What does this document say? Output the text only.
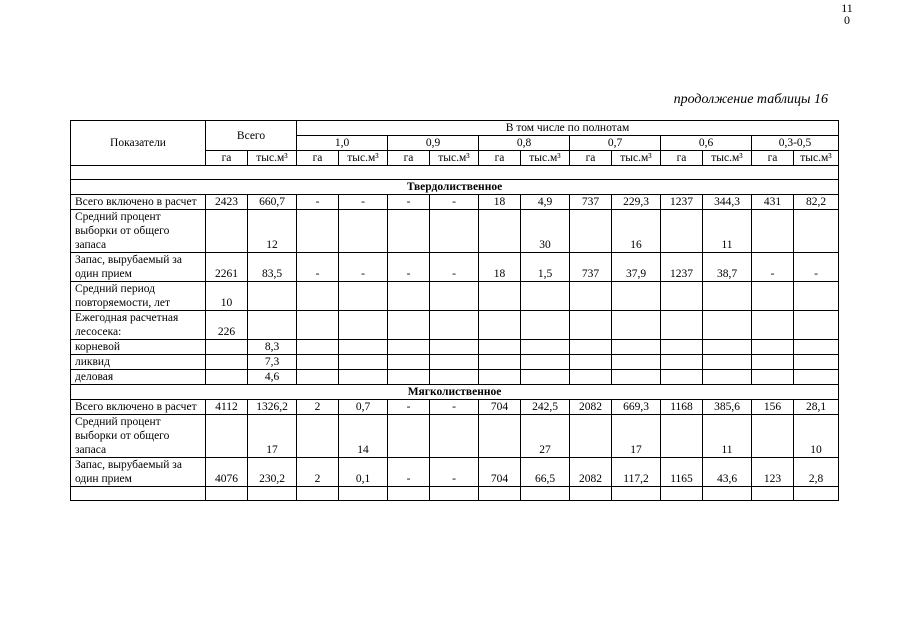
11 0
продолжение таблицы 16
Показатели	Всего		В том числе по полнотам											
			1,0		0,9		0,8		0,7		0,6		0,3-0,5	
	га	тыс.м³	га	тыс.м³	га	тыс.м³	га	тыс.м³	га	тыс.м³	га	тыс.м³	га	тыс.м³

Твердолиственное														
Всего включено в расчет	2423	660,7	-	-	-	-	18	4,9	737	229,3	1237	344,3	431	82,2
Средний процент выборки от общего запаса		12						30		16		11		
Запас, вырубаемый за один прием	2261	83,5	-	-	-	-	18	1,5	737	37,9	1237	38,7	-	-
Средний период повторяемости, лет	10													
Ежегодная расчетная лесосека:	226													
корневой		8,3												
ликвид		7,3												
деловая		4,6												
Мягколиственное														
Всего включено в расчет	4112	1326,2	2	0,7	-	-	704	242,5	2082	669,3	1168	385,6	156	28,1
Средний процент выборки от общего запаса		17		14				27		17		11		10
Запас, вырубаемый за один прием	4076	230,2	2	0,1	-	-	704	66,5	2082	117,2	1165	43,6	123	2,8
